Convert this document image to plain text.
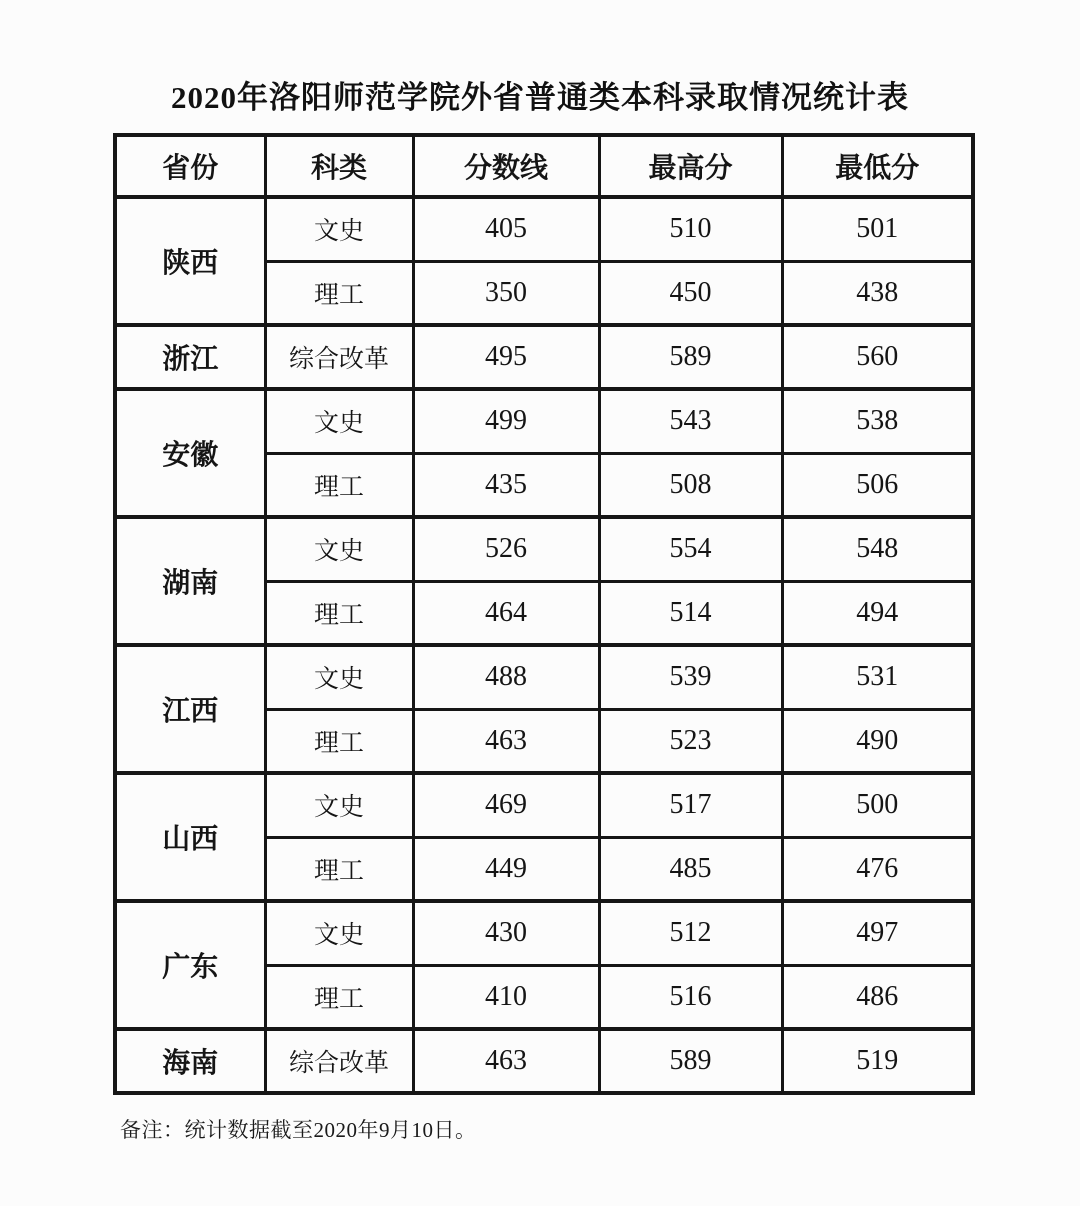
2020年洛阳师范学院外省普通类本科录取情况统计表
省份	科类	分数线	最高分	最低分
陕西	文史	405	510	501
	理工	350	450	438
浙江	综合改革	495	589	560
安徽	文史	499	543	538
	理工	435	508	506
湖南	文史	526	554	548
	理工	464	514	494
江西	文史	488	539	531
	理工	463	523	490
山西	文史	469	517	500
	理工	449	485	476
广东	文史	430	512	497
	理工	410	516	486
海南	综合改革	463	589	519
备注：统计数据截至2020年9月10日。
